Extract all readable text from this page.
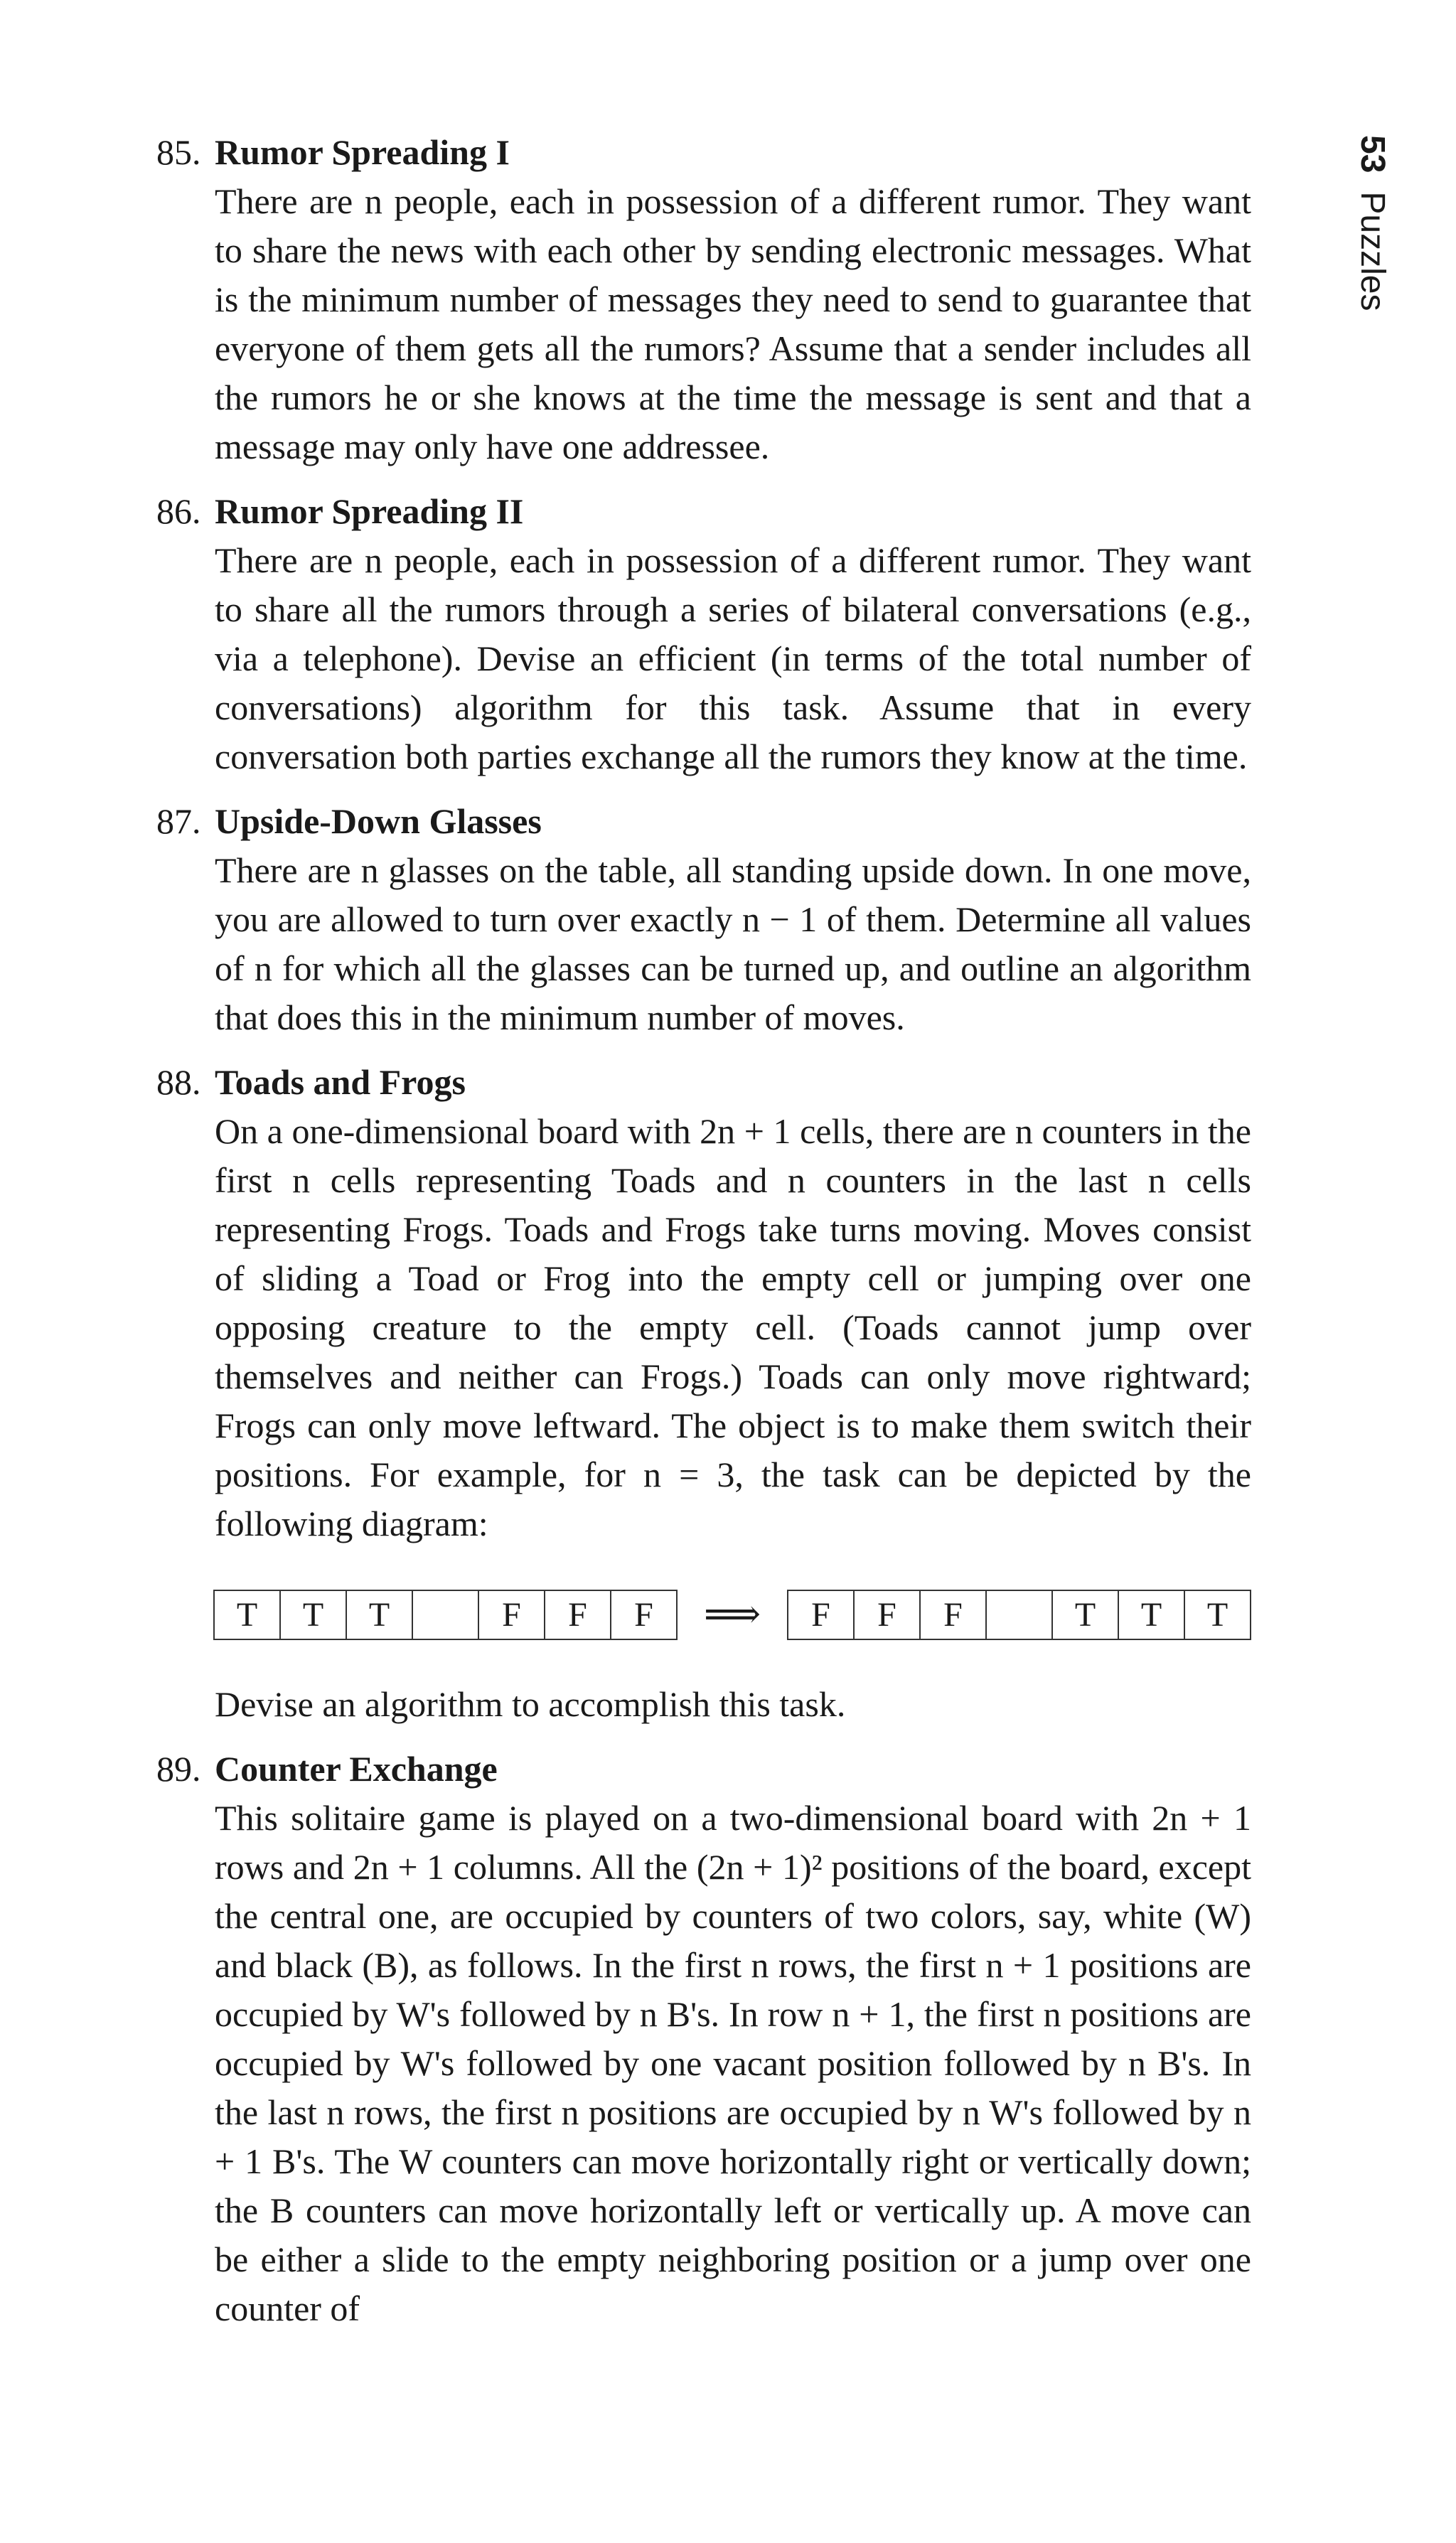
53Puzzles

85. Rumor Spreading I

There are n people, each in possession of a different rumor. They want to share the news with each other by sending electronic messages. What is the minimum number of messages they need to send to guarantee that everyone of them gets all the rumors? Assume that a sender includes all the rumors he or she knows at the time the message is sent and that a message may only have one addressee.

86. Rumor Spreading II

There are n people, each in possession of a different rumor. They want to share all the rumors through a series of bilateral conversations (e.g., via a telephone). Devise an efficient (in terms of the total number of conversations) algorithm for this task. Assume that in every conversation both parties exchange all the rumors they know at the time.

87. Upside-Down Glasses

There are n glasses on the table, all standing upside down. In one move, you are allowed to turn over exactly n − 1 of them. Determine all values of n for which all the glasses can be turned up, and outline an algorithm that does this in the minimum number of moves.

88. Toads and Frogs

On a one-dimensional board with 2n + 1 cells, there are n counters in the first n cells representing Toads and n counters in the last n cells representing Frogs. Toads and Frogs take turns moving. Moves consist of sliding a Toad or Frog into the empty cell or jumping over one opposing creature to the empty cell. (Toads cannot jump over themselves and neither can Frogs.) Toads can only move rightward; Frogs can only move leftward. The object is to make them switch their positions. For example, for n = 3, the task can be depicted by the following diagram:

T	T	T	F	F	F	⟹	F	F	F	T	T	T

Devise an algorithm to accomplish this task.

89. Counter Exchange

This solitaire game is played on a two-dimensional board with 2n + 1 rows and 2n + 1 columns. All the (2n + 1)² positions of the board, except the central one, are occupied by counters of two colors, say, white (W) and black (B), as follows. In the first n rows, the first n + 1 positions are occupied by W's followed by n B's. In row n + 1, the first n positions are occupied by W's followed by one vacant position followed by n B's. In the last n rows, the first n positions are occupied by n W's followed by n + 1 B's. The W counters can move horizontally right or vertically down; the B counters can move horizontally left or vertically up. A move can be either a slide to the empty neighboring position or a jump over one counter of
